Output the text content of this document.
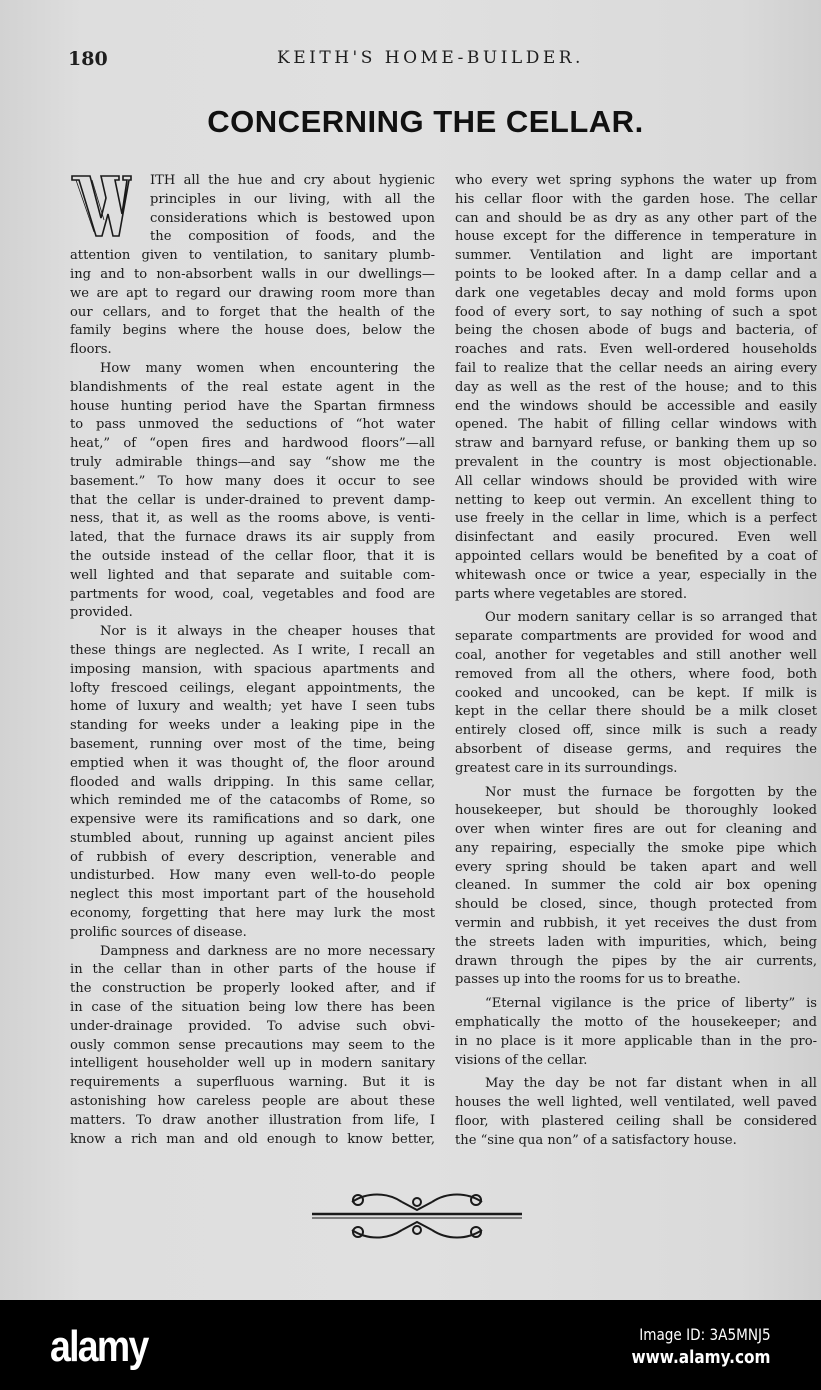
180	KEITH'S HOME-BUILDER.
CONCERNING THE CELLAR.
ITH all the hue and cry about hygienic
principles in our living, with all the
considerations which is bestowed upon
the composition of foods, and the
attention given to ventilation, to sanitary plumb-
ing and to non-absorbent walls in our dwellings—
we are apt to regard our drawing room more than
our cellars, and to forget that the health of the
family begins where the house does, below the
floors.
How many women when encountering the
blandishments of the real estate agent in the
house hunting period have the Spartan firmness
to pass unmoved the seductions of “hot water
heat,” of “open fires and hardwood floors”—all
truly admirable things—and say “show me the
basement.” To how many does it occur to see
that the cellar is under-drained to prevent damp-
ness, that it, as well as the rooms above, is venti-
lated, that the furnace draws its air supply from
the outside instead of the cellar floor, that it is
well lighted and that separate and suitable com-
partments for wood, coal, vegetables and food are
provided.
Nor is it always in the cheaper houses that
these things are neglected. As I write, I recall an
imposing mansion, with spacious apartments and
lofty frescoed ceilings, elegant appointments, the
home of luxury and wealth; yet have I seen tubs
standing for weeks under a leaking pipe in the
basement, running over most of the time, being
emptied when it was thought of, the floor around
flooded and walls dripping. In this same cellar,
which reminded me of the catacombs of Rome, so
expensive were its ramifications and so dark, one
stumbled about, running up against ancient piles
of rubbish of every description, venerable and
undisturbed. How many even well-to-do people
neglect this most important part of the household
economy, forgetting that here may lurk the most
prolific sources of disease.
Dampness and darkness are no more necessary
in the cellar than in other parts of the house if
the construction be properly looked after, and if
in case of the situation being low there has been
under-drainage provided. To advise such obvi-
ously common sense precautions may seem to the
intelligent householder well up in modern sanitary
requirements a superfluous warning. But it is
astonishing how careless people are about these
matters. To draw another illustration from life, I
know a rich man and old enough to know better,
who every wet spring syphons the water up from
his cellar floor with the garden hose. The cellar
can and should be as dry as any other part of the
house except for the difference in temperature in
summer. Ventilation and light are important
points to be looked after. In a damp cellar and a
dark one vegetables decay and mold forms upon
food of every sort, to say nothing of such a spot
being the chosen abode of bugs and bacteria, of
roaches and rats. Even well-ordered households
fail to realize that the cellar needs an airing every
day as well as the rest of the house; and to this
end the windows should be accessible and easily
opened. The habit of filling cellar windows with
straw and barnyard refuse, or banking them up so
prevalent in the country is most objectionable.
All cellar windows should be provided with wire
netting to keep out vermin. An excellent thing to
use freely in the cellar in lime, which is a perfect
disinfectant and easily procured. Even well
appointed cellars would be benefited by a coat of
whitewash once or twice a year, especially in the
parts where vegetables are stored.
Our modern sanitary cellar is so arranged that
separate compartments are provided for wood and
coal, another for vegetables and still another well
removed from all the others, where food, both
cooked and uncooked, can be kept. If milk is
kept in the cellar there should be a milk closet
entirely closed off, since milk is such a ready
absorbent of disease germs, and requires the
greatest care in its surroundings.
Nor must the furnace be forgotten by the
housekeeper, but should be thoroughly looked
over when winter fires are out for cleaning and
any repairing, especially the smoke pipe which
every spring should be taken apart and well
cleaned. In summer the cold air box opening
should be closed, since, though protected from
vermin and rubbish, it yet receives the dust from
the streets laden with impurities, which, being
drawn through the pipes by the air currents,
passes up into the rooms for us to breathe.
“Eternal vigilance is the price of liberty” is
emphatically the motto of the housekeeper; and
in no place is it more applicable than in the pro-
visions of the cellar.
May the day be not far distant when in all
houses the well lighted, well ventilated, well paved
floor, with plastered ceiling shall be considered
the “sine qua non” of a satisfactory house.
alamy	Image ID: 3A5MNJ5
www.alamy.com
